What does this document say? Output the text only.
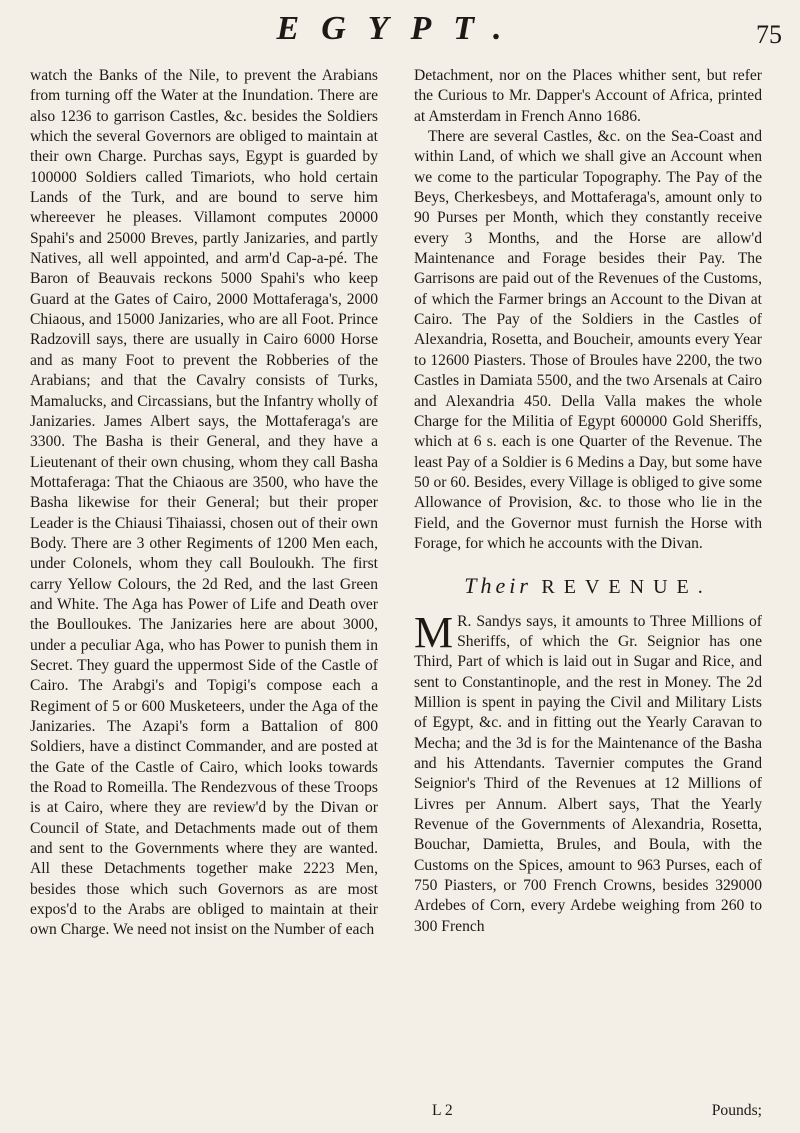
EGYPT.	75

watch the Banks of the Nile, to prevent the Arabians from turning off the Water at the Inundation. There are also 1236 to garrison Castles, &c. besides the Soldiers which the several Governors are obliged to maintain at their own Charge. Purchas says, Egypt is guarded by 100000 Soldiers called Timariots, who hold certain Lands of the Turk, and are bound to serve him whereever he pleases. Villamont computes 20000 Spahi's and 25000 Breves, partly Janizaries, and partly Natives, all well appointed, and arm'd Cap-a-pé. The Baron of Beauvais reckons 5000 Spahi's who keep Guard at the Gates of Cairo, 2000 Mottaferaga's, 2000 Chiaous, and 15000 Janizaries, who are all Foot. Prince Radzovill says, there are usually in Cairo 6000 Horse and as many Foot to prevent the Robberies of the Arabians; and that the Cavalry consists of Turks, Mamalucks, and Circassians, but the Infantry wholly of Janizaries. James Albert says, the Mottaferaga's are 3300. The Basha is their General, and they have a Lieutenant of their own chusing, whom they call Basha Mottaferaga: That the Chiaous are 3500, who have the Basha likewise for their General; but their proper Leader is the Chiausi Tihaiassi, chosen out of their own Body. There are 3 other Regiments of 1200 Men each, under Colonels, whom they call Bouloukh. The first carry Yellow Colours, the 2d Red, and the last Green and White. The Aga has Power of Life and Death over the Boulloukes. The Janizaries here are about 3000, under a peculiar Aga, who has Power to punish them in Secret. They guard the uppermost Side of the Castle of Cairo. The Arabgi's and Topigi's compose each a Regiment of 5 or 600 Musketeers, under the Aga of the Janizaries. The Azapi's form a Battalion of 800 Soldiers, have a distinct Commander, and are posted at the Gate of the Castle of Cairo, which looks towards the Road to Romeilla. The Rendezvous of these Troops is at Cairo, where they are review'd by the Divan or Council of State, and Detachments made out of them and sent to the Governments where they are wanted. All these Detachments together make 2223 Men, besides those which such Governors as are most expos'd to the Arabs are obliged to maintain at their own Charge. We need not insist on the Number of each

Detachment, nor on the Places whither sent, but refer the Curious to Mr. Dapper's Account of Africa, printed at Amsterdam in French Anno 1686.

There are several Castles, &c. on the Sea-Coast and within Land, of which we shall give an Account when we come to the particular Topography. The Pay of the Beys, Cherkesbeys, and Mottaferaga's, amount only to 90 Purses per Month, which they constantly receive every 3 Months, and the Horse are allow'd Maintenance and Forage besides their Pay. The Garrisons are paid out of the Revenues of the Customs, of which the Farmer brings an Account to the Divan at Cairo. The Pay of the Soldiers in the Castles of Alexandria, Rosetta, and Boucheir, amounts every Year to 12600 Piasters. Those of Broules have 2200, the two Castles in Damiata 5500, and the two Arsenals at Cairo and Alexandria 450. Della Valla makes the whole Charge for the Militia of Egypt 600000 Gold Sheriffs, which at 6 s. each is one Quarter of the Revenue. The least Pay of a Soldier is 6 Medins a Day, but some have 50 or 60. Besides, every Village is obliged to give some Allowance of Provision, &c. to those who lie in the Field, and the Governor must furnish the Horse with Forage, for which he accounts with the Divan.

Their REVENUE.

M R. Sandys says, it amounts to Three Millions of Sheriffs, of which the Gr. Seignior has one Third, Part of which is laid out in Sugar and Rice, and sent to Constantinople, and the rest in Money. The 2d Million is spent in paying the Civil and Military Lists of Egypt, &c. and in fitting out the Yearly Caravan to Mecha; and the 3d is for the Maintenance of the Basha and his Attendants. Tavernier computes the Grand Seignior's Third of the Revenues at 12 Millions of Livres per Annum. Albert says, That the Yearly Revenue of the Governments of Alexandria, Rosetta, Bouchar, Damietta, Brules, and Boula, with the Customs on the Spices, amount to 963 Purses, each of 750 Piasters, or 700 French Crowns, besides 329000 Ardebes of Corn, every Ardebe weighing from 260 to 300 French

L 2	Pounds;
